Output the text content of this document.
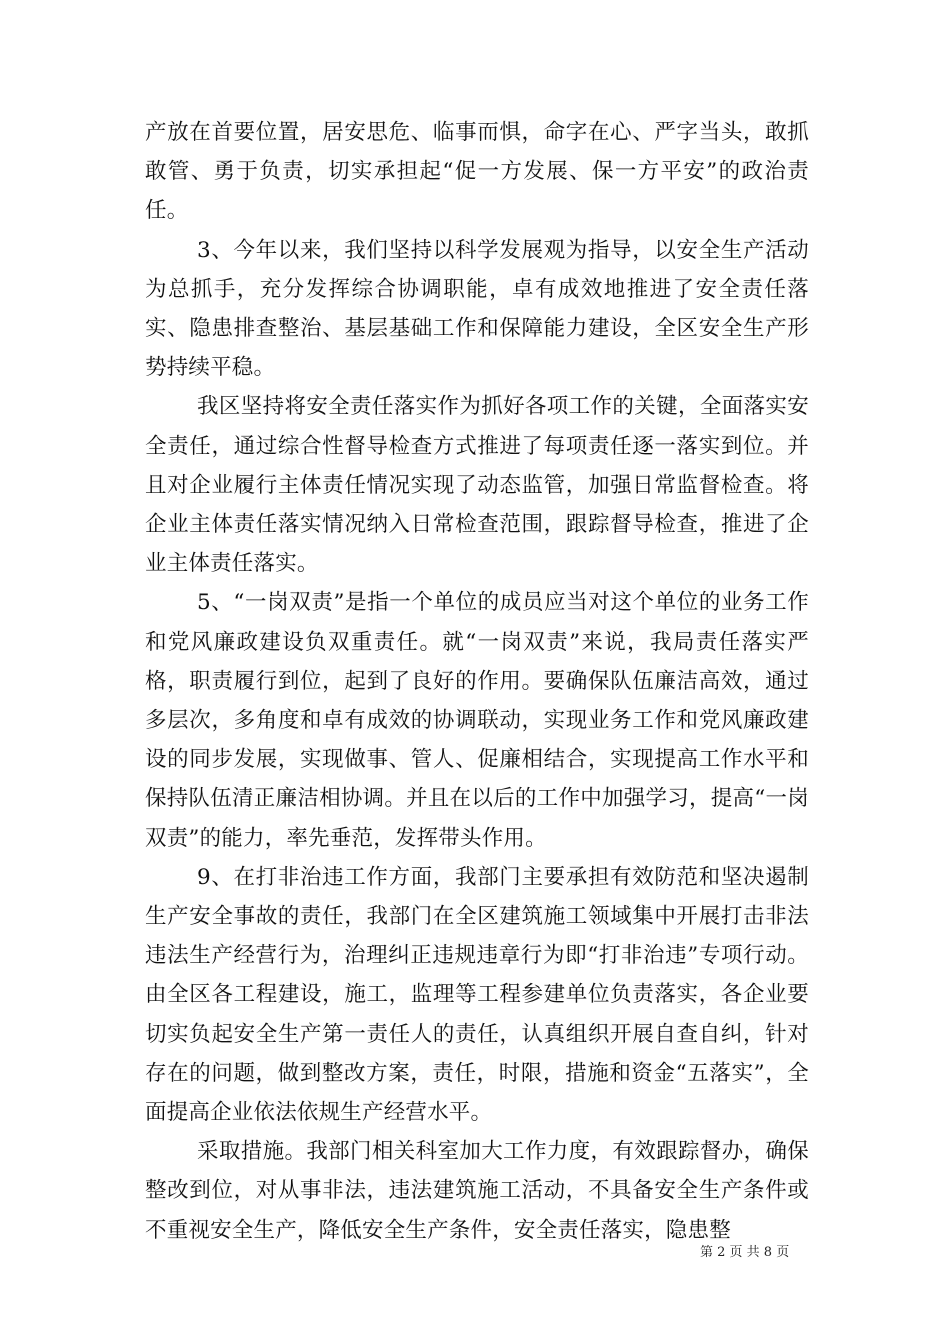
产放在首要位置，居安思危、临事而惧，命字在心、严字当头，敢抓敢管、勇于负责，切实承担起“促一方发展、保一方平安”的政治责任。

3、今年以来，我们坚持以科学发展观为指导，以安全生产活动为总抓手，充分发挥综合协调职能，卓有成效地推进了安全责任落实、隐患排查整治、基层基础工作和保障能力建设，全区安全生产形势持续平稳。

我区坚持将安全责任落实作为抓好各项工作的关键，全面落实安全责任，通过综合性督导检查方式推进了每项责任逐一落实到位。并且对企业履行主体责任情况实现了动态监管，加强日常监督检查。将企业主体责任落实情况纳入日常检查范围，跟踪督导检查，推进了企业主体责任落实。

5、“一岗双责”是指一个单位的成员应当对这个单位的业务工作和党风廉政建设负双重责任。就“一岗双责”来说，我局责任落实严格，职责履行到位，起到了良好的作用。要确保队伍廉洁高效，通过多层次，多角度和卓有成效的协调联动，实现业务工作和党风廉政建设的同步发展，实现做事、管人、促廉相结合，实现提高工作水平和保持队伍清正廉洁相协调。并且在以后的工作中加强学习，提高“一岗双责”的能力，率先垂范，发挥带头作用。

9、在打非治违工作方面，我部门主要承担有效防范和坚决遏制生产安全事故的责任，我部门在全区建筑施工领域集中开展打击非法违法生产经营行为，治理纠正违规违章行为即“打非治违”专项行动。由全区各工程建设，施工，监理等工程参建单位负责落实，各企业要切实负起安全生产第一责任人的责任，认真组织开展自查自纠，针对存在的问题，做到整改方案，责任，时限，措施和资金“五落实”，全面提高企业依法依规生产经营水平。

采取措施。我部门相关科室加大工作力度，有效跟踪督办，确保整改到位，对从事非法，违法建筑施工活动，不具备安全生产条件或不重视安全生产，降低安全生产条件，安全责任落实，隐患整

第 2 页 共 8 页
